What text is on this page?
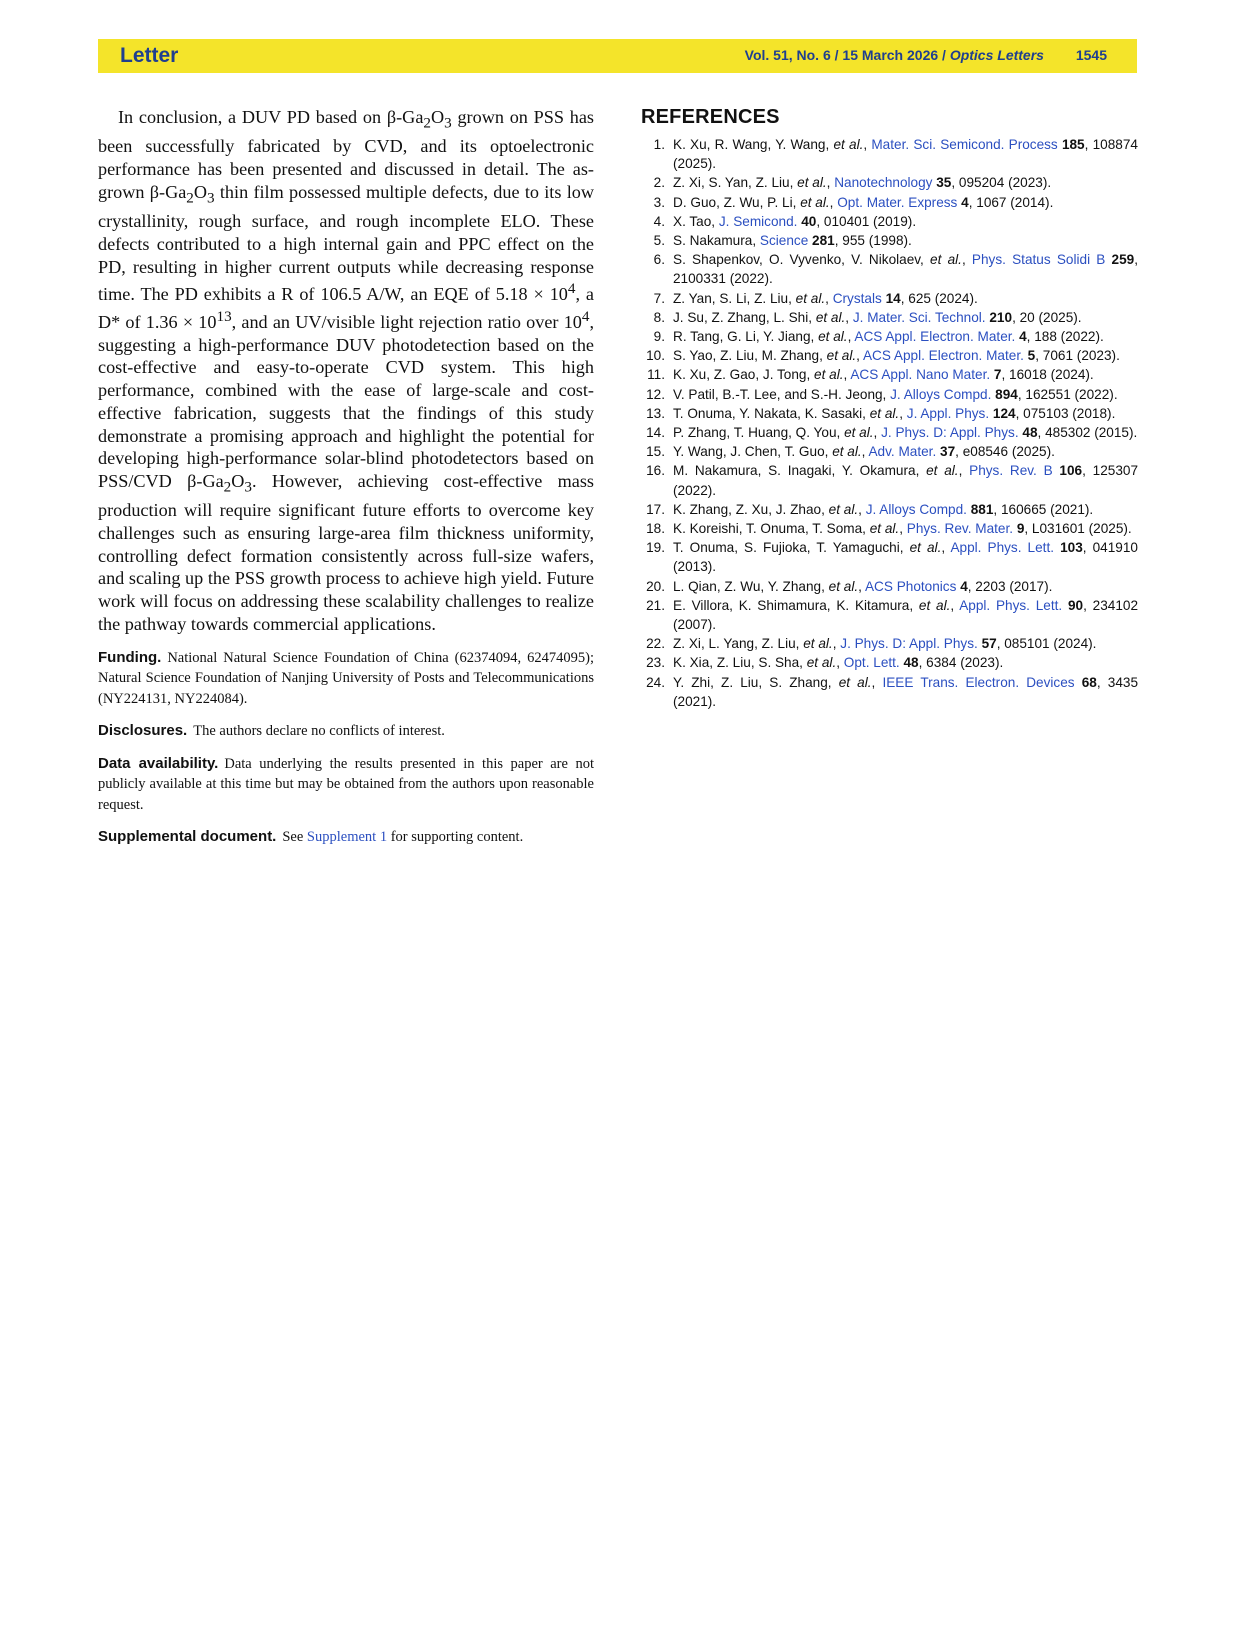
Letter	Vol. 51, No. 6 / 15 March 2026 / Optics Letters 1545

In conclusion, a DUV PD based on $\beta-Ga_2O_3$ grown on PSS has been successfully fabricated by CVD, and its optoelectronic performance has been presented and discussed in detail. The as-grown $\beta-Ga_2O_3$ thin film possessed multiple defects, due to its low crystallinity, rough surface, and rough incomplete ELO. These defects contributed to a high internal gain and PPC effect on the PD, resulting in higher current outputs while decreasing response time. The PD exhibits a R of 106.5 A/W, an EQE of $5.18 \times 10^4$, a D* of $1.36 \times 10^{13}$, and an UV/visible light rejection ratio over $10^4$, suggesting a high-performance DUV photodetection based on the cost-effective and easy-to-operate CVD system. This high performance, combined with the ease of large-scale and cost-effective fabrication, suggests that the findings of this study demonstrate a promising approach and highlight the potential for developing high-performance solar-blind photodetectors based on PSS/CVD $\beta-Ga_2O_3$. However, achieving cost-effective mass production will require significant future efforts to overcome key challenges such as ensuring large-area film thickness uniformity, controlling defect formation consistently across full-size wafers, and scaling up the PSS growth process to achieve high yield. Future work will focus on addressing these scalability challenges to realize the pathway towards commercial applications.

Funding. National Natural Science Foundation of China (62374094, 62474095); Natural Science Foundation of Nanjing University of Posts and Telecommunications (NY224131, NY224084).
Disclosures. The authors declare no conflicts of interest.
Data availability. Data underlying the results presented in this paper are not publicly available at this time but may be obtained from the authors upon reasonable request.
Supplemental document. See Supplement 1 for supporting content.
REFERENCES
1. K. Xu, R. Wang, Y. Wang, et al., Mater. Sci. Semicond. Process 185, 108874 (2025).
2. Z. Xi, S. Yan, Z. Liu, et al., Nanotechnology 35, 095204 (2023).
3. D. Guo, Z. Wu, P. Li, et al., Opt. Mater. Express 4, 1067 (2014).
4. X. Tao, J. Semicond. 40, 010401 (2019).
5. S. Nakamura, Science 281, 955 (1998).
6. S. Shapenkov, O. Vyvenko, V. Nikolaev, et al., Phys. Status Solidi B 259, 2100331 (2022).
7. Z. Yan, S. Li, Z. Liu, et al., Crystals 14, 625 (2024).
8. J. Su, Z. Zhang, L. Shi, et al., J. Mater. Sci. Technol. 210, 20 (2025).
9. R. Tang, G. Li, Y. Jiang, et al., ACS Appl. Electron. Mater. 4, 188 (2022).
10. S. Yao, Z. Liu, M. Zhang, et al., ACS Appl. Electron. Mater. 5, 7061 (2023).
11. K. Xu, Z. Gao, J. Tong, et al., ACS Appl. Nano Mater. 7, 16018 (2024).
12. V. Patil, B.-T. Lee, and S.-H. Jeong, J. Alloys Compd. 894, 162551 (2022).
13. T. Onuma, Y. Nakata, K. Sasaki, et al., J. Appl. Phys. 124, 075103 (2018).
14. P. Zhang, T. Huang, Q. You, et al., J. Phys. D: Appl. Phys. 48, 485302 (2015).
15. Y. Wang, J. Chen, T. Guo, et al., Adv. Mater. 37, e08546 (2025).
16. M. Nakamura, S. Inagaki, Y. Okamura, et al., Phys. Rev. B 106, 125307 (2022).
17. K. Zhang, Z. Xu, J. Zhao, et al., J. Alloys Compd. 881, 160665 (2021).
18. K. Koreishi, T. Onuma, T. Soma, et al., Phys. Rev. Mater. 9, L031601 (2025).
19. T. Onuma, S. Fujioka, T. Yamaguchi, et al., Appl. Phys. Lett. 103, 041910 (2013).
20. L. Qian, Z. Wu, Y. Zhang, et al., ACS Photonics 4, 2203 (2017).
21. E. Villora, K. Shimamura, K. Kitamura, et al., Appl. Phys. Lett. 90, 234102 (2007).
22. Z. Xi, L. Yang, Z. Liu, et al., J. Phys. D: Appl. Phys. 57, 085101 (2024).
23. K. Xia, Z. Liu, S. Sha, et al., Opt. Lett. 48, 6384 (2023).
24. Y. Zhi, Z. Liu, S. Zhang, et al., IEEE Trans. Electron. Devices 68, 3435 (2021).
